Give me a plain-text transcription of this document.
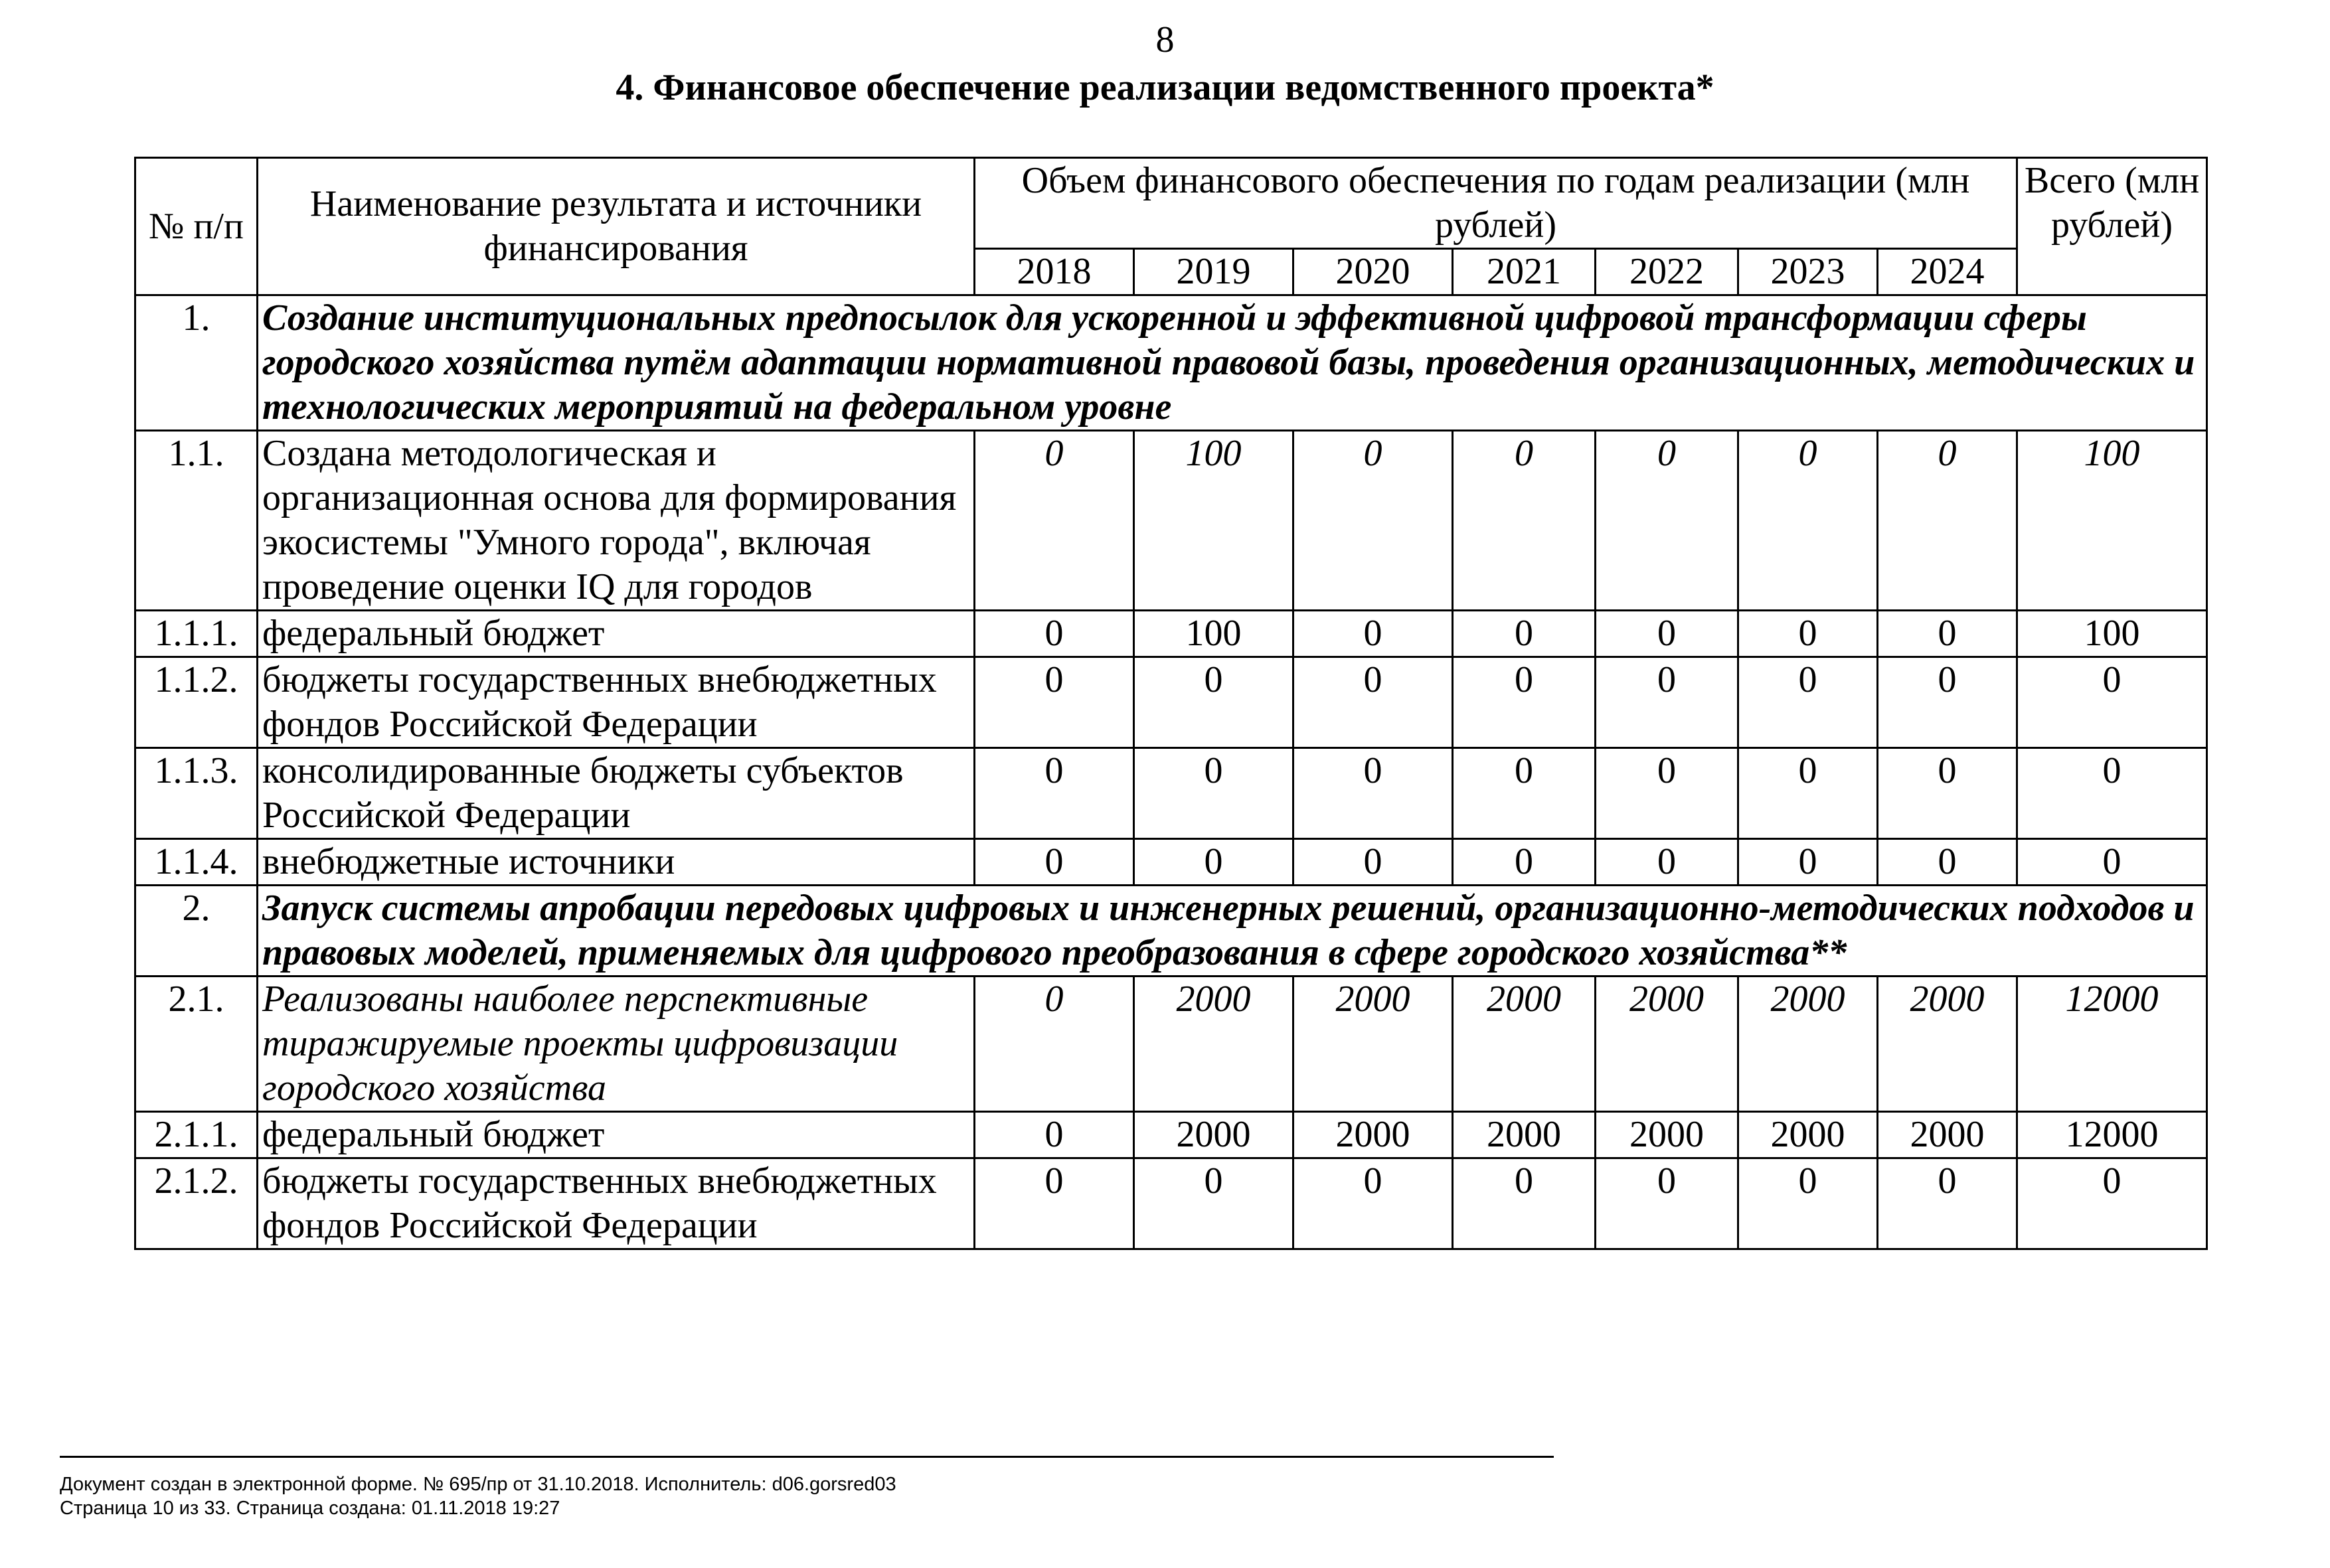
8
4. Финансовое обеспечение реализации ведомственного проекта*
№ п/п	Наименование результата и источники финансирования	Объем финансового обеспечения по годам реализации (млн рублей)							Всего (млн рублей)
		2018	2019	2020	2021	2022	2023	2024	
1.	Создание институциональных предпосылок для ускоренной и эффективной цифровой трансформации сферы городского хозяйства путём адаптации нормативной правовой базы, проведения организационных, методических и технологических мероприятий на федеральном уровне								
1.1.	Создана методологическая и организационная основа для формирования экосистемы "Умного города", включая проведение оценки IQ для городов	0	100	0	0	0	0	0	100
1.1.1.	федеральный бюджет	0	100	0	0	0	0	0	100
1.1.2.	бюджеты государственных внебюджетных фондов Российской Федерации	0	0	0	0	0	0	0	0
1.1.3.	консолидированные бюджеты субъектов Российской Федерации	0	0	0	0	0	0	0	0
1.1.4.	внебюджетные источники	0	0	0	0	0	0	0	0
2.	Запуск системы апробации передовых цифровых и инженерных решений, организационно-методических подходов и правовых моделей, применяемых для цифрового преобразования в сфере городского хозяйства**								
2.1.	Реализованы наиболее перспективные тиражируемые проекты цифровизации городского хозяйства	0	2000	2000	2000	2000	2000	2000	12000
2.1.1.	федеральный бюджет	0	2000	2000	2000	2000	2000	2000	12000
2.1.2.	бюджеты государственных внебюджетных фондов Российской Федерации	0	0	0	0	0	0	0	0
Документ создан в электронной форме. № 695/пр от 31.10.2018. Исполнитель: d06.gorsred03
Страница 10 из 33. Страница создана: 01.11.2018 19:27
